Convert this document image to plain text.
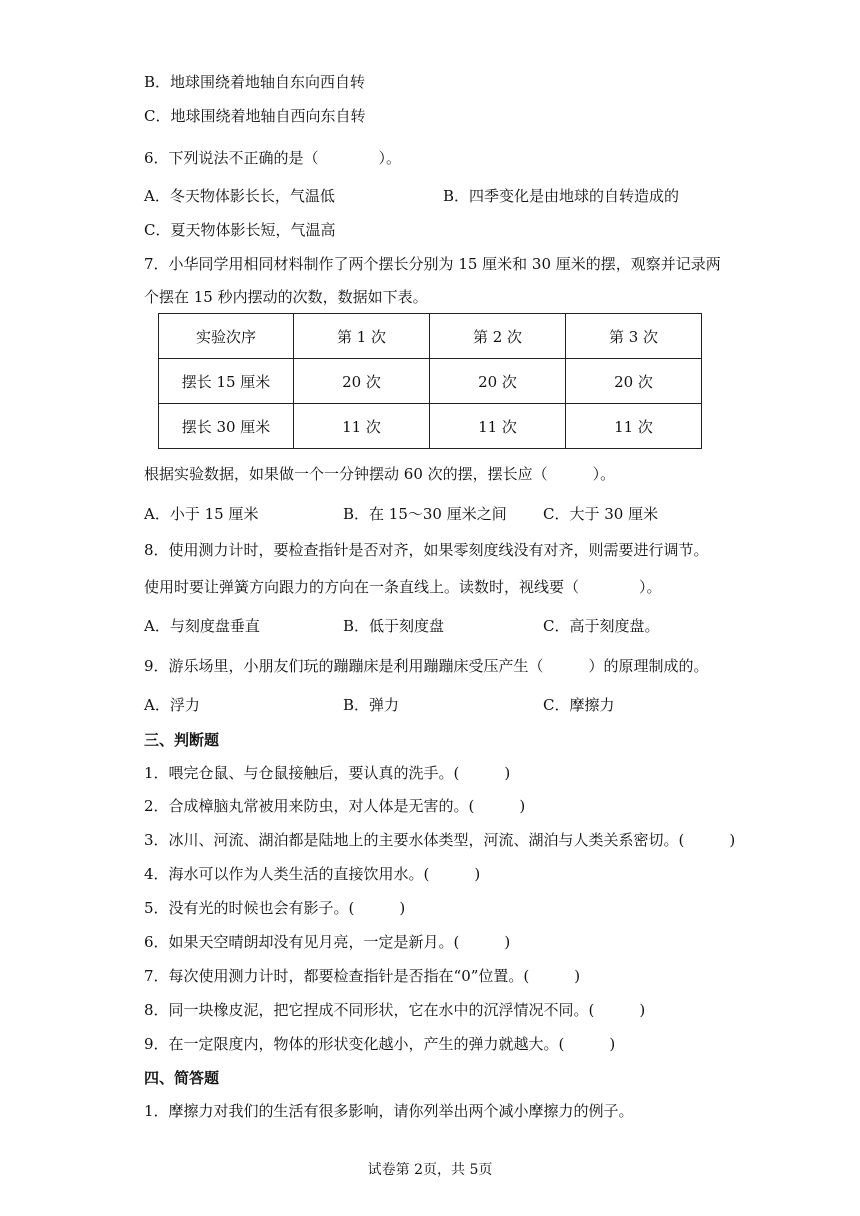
B．地球围绕着地轴自东向西自转
C．地球围绕着地轴自西向东自转
6．下列说法不正确的是（　　　　）。
A．冬天物体影长长，气温低	B．四季变化是由地球的自转造成的
C．夏天物体影长短，气温高
7．小华同学用相同材料制作了两个摆长分别为 15 厘米和 30 厘米的摆，观察并记录两
个摆在 15 秒内摆动的次数，数据如下表。
实验次序	第 1 次	第 2 次	第 3 次
摆长 15 厘米	20 次	20 次	20 次
摆长 30 厘米	11 次	11 次	11 次
根据实验数据，如果做一个一分钟摆动 60 次的摆，摆长应（　　　）。
A．小于 15 厘米	B．在 15～30 厘米之间 C．大于 30 厘米
8．使用测力计时，要检查指针是否对齐，如果零刻度线没有对齐，则需要进行调节。
使用时要让弹簧方向跟力的方向在一条直线上。读数时，视线要（　　　　）。
A．与刻度盘垂直	B．低于刻度盘	C．高于刻度盘。
9．游乐场里，小朋友们玩的蹦蹦床是利用蹦蹦床受压产生（　　　）的原理制成的。
A．浮力	B．弹力	C．摩擦力
三、判断题
1．喂完仓鼠、与仓鼠接触后，要认真的洗手。(　　　)
2．合成樟脑丸常被用来防虫，对人体是无害的。(　　　)
3．冰川、河流、湖泊都是陆地上的主要水体类型，河流、湖泊与人类关系密切。(　　　)
4．海水可以作为人类生活的直接饮用水。(　　　)
5．没有光的时候也会有影子。(　　　)
6．如果天空晴朗却没有见月亮，一定是新月。(　　　)
7．每次使用测力计时，都要检查指针是否指在“0”位置。(　　　)
8．同一块橡皮泥，把它捏成不同形状，它在水中的沉浮情况不同。(　　　)
9．在一定限度内，物体的形状变化越小，产生的弹力就越大。(　　　)
四、简答题
1．摩擦力对我们的生活有很多影响，请你列举出两个减小摩擦力的例子。
试卷第 2页，共 5页
